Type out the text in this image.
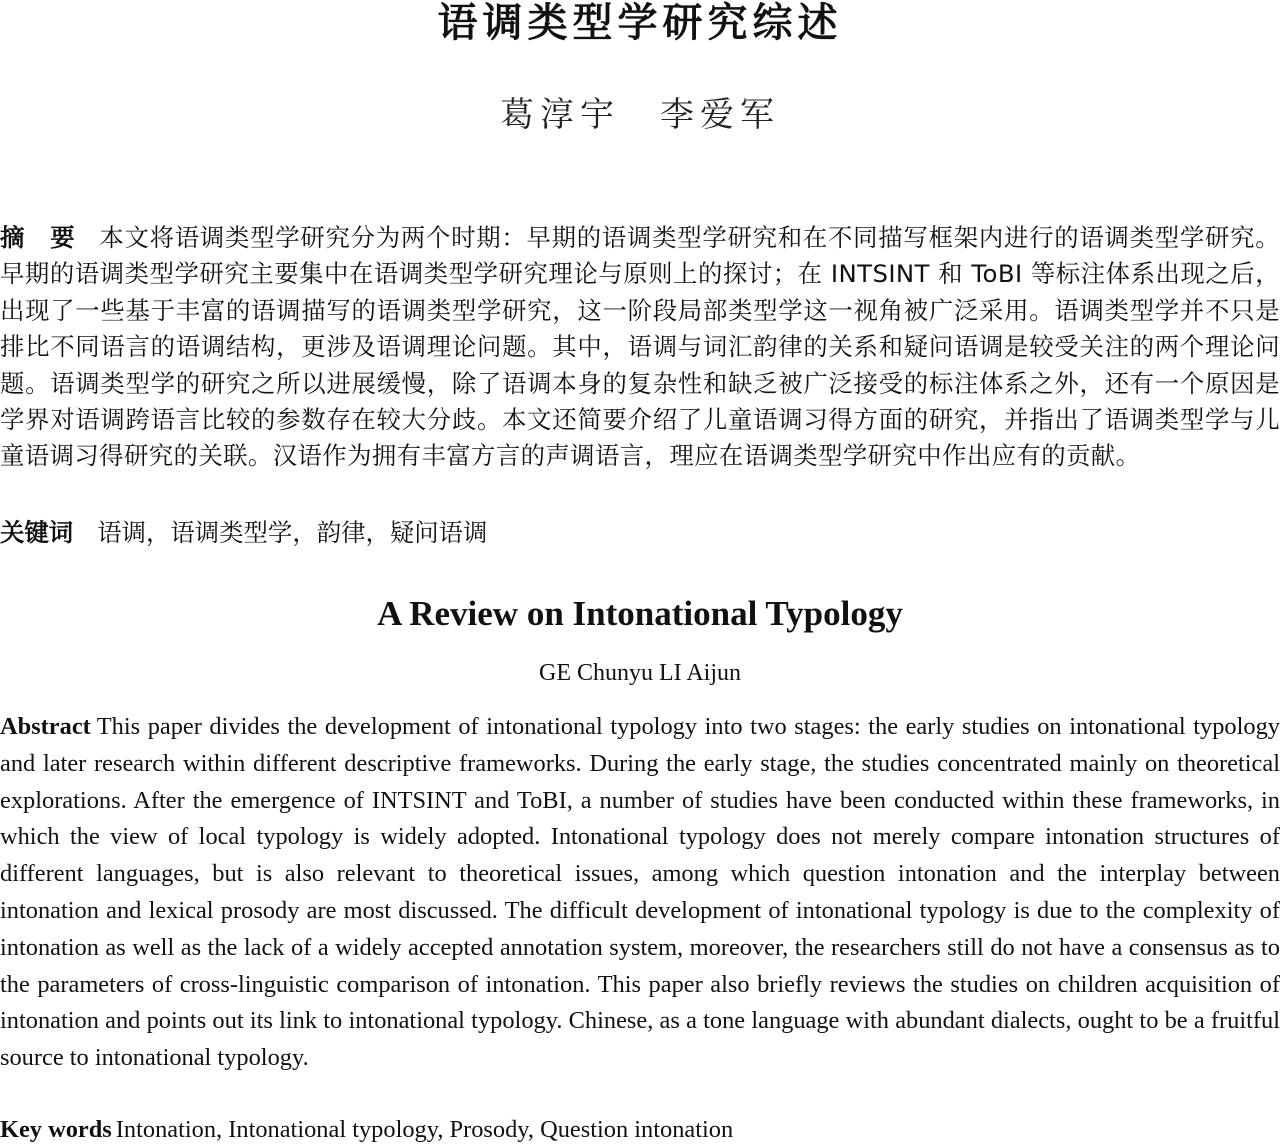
语调类型学研究综述
葛淳宇 李爱军
摘　要 本文将语调类型学研究分为两个时期：早期的语调类型学研究和在不同描写框架内进行的语调类型学研究。早期的语调类型学研究主要集中在语调类型学研究理论与原则上的探讨；在 INTSINT 和 ToBI 等标注体系出现之后，出现了一些基于丰富的语调描写的语调类型学研究，这一阶段局部类型学这一视角被广泛采用。语调类型学并不只是排比不同语言的语调结构，更涉及语调理论问题。其中，语调与词汇韵律的关系和疑问语调是较受关注的两个理论问题。语调类型学的研究之所以进展缓慢，除了语调本身的复杂性和缺乏被广泛接受的标注体系之外，还有一个原因是学界对语调跨语言比较的参数存在较大分歧。本文还简要介绍了儿童语调习得方面的研究，并指出了语调类型学与儿童语调习得研究的关联。汉语作为拥有丰富方言的声调语言，理应在语调类型学研究中作出应有的贡献。
关键词 语调，语调类型学，韵律，疑问语调
A Review on Intonational Typology
GE Chunyu LI Aijun
Abstract This paper divides the development of intonational typology into two stages: the early studies on intonational typology and later research within different descriptive frameworks. During the early stage, the studies concentrated mainly on theoretical explorations. After the emergence of INTSINT and ToBI, a number of studies have been conducted within these frameworks, in which the view of local typology is widely adopted. Intonational typology does not merely compare intonation structures of different languages, but is also relevant to theoretical issues, among which question intonation and the interplay between intonation and lexical prosody are most discussed. The difficult development of intonational typology is due to the complexity of intonation as well as the lack of a widely accepted annotation system, moreover, the researchers still do not have a consensus as to the parameters of cross-linguistic comparison of intonation. This paper also briefly reviews the studies on children acquisition of intonation and points out its link to intonational typology. Chinese, as a tone language with abundant dialects, ought to be a fruitful source to intonational typology.
Key words Intonation, Intonational typology, Prosody, Question intonation
